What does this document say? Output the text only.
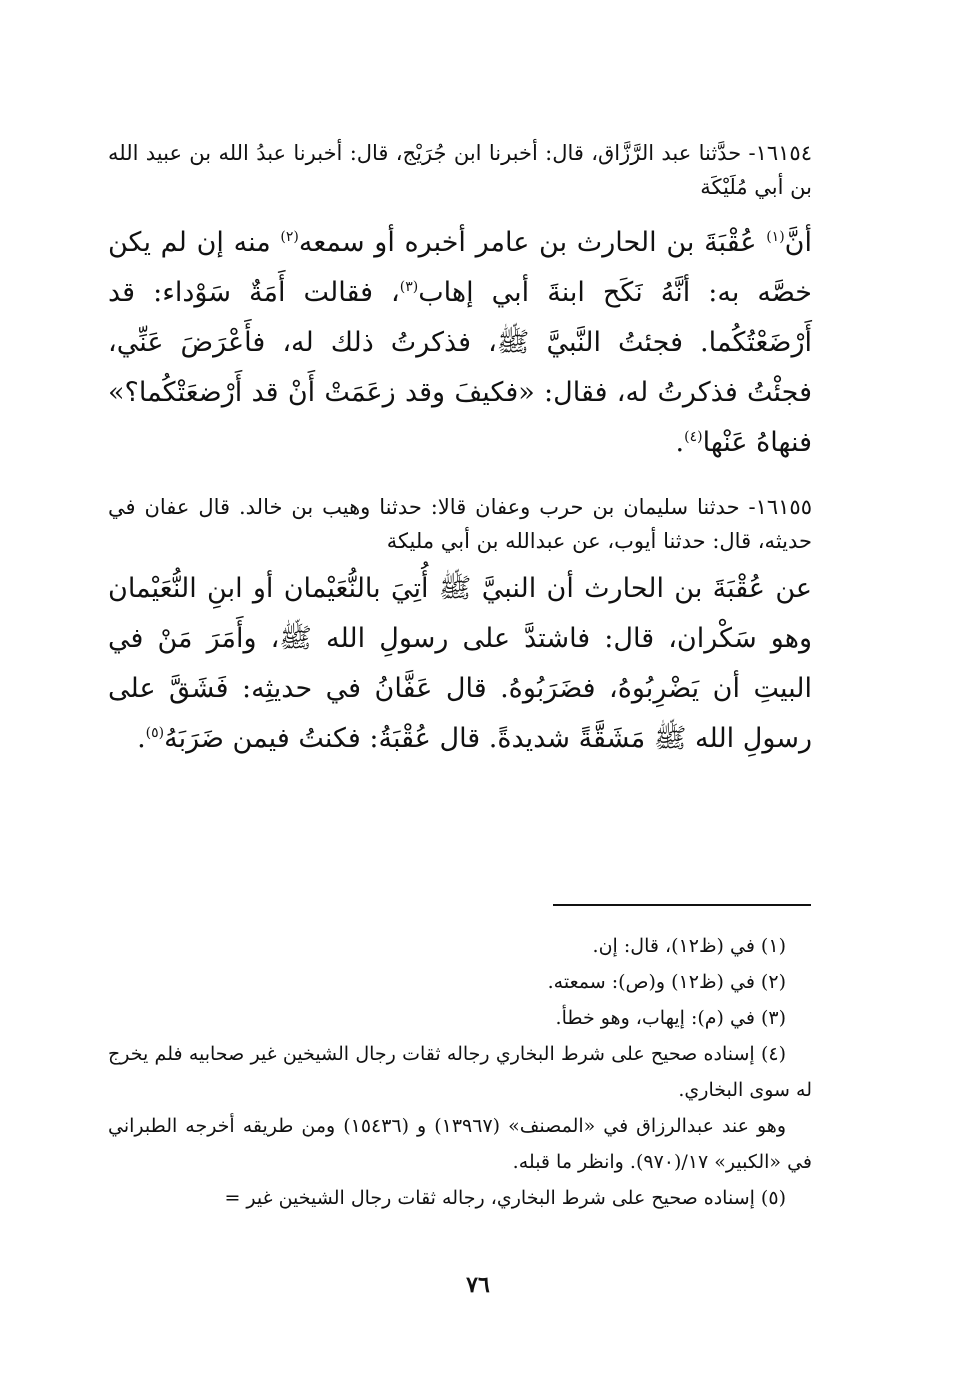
١٦١٥٤- حدَّثنا عبد الرَّزَّاق، قال: أخبرنا ابن جُرَيْج، قال: أخبرنا عبدُ الله بن عبيد الله بن أبي مُلَيْكَة

أنَّ$^{(١)}$ عُقْبَةَ بن الحارث بن عامر أخبره أو سمعه$^{(٢)}$ منه إن لم يكن خصَّه به: أنَّهُ نَكَح ابنةَ أبي إهاب$^{(٣)}$، فقالت أَمَةٌ سَوْداء: قد أَرْضَعْتُكُما. فجئتُ النَّبيَّ ﷺ، فذكرتُ ذلك له، فأَعْرَضَ عَنِّي، فجئْتُ فذكرتُ له، فقال: «فكيفَ وقد زعَمَتْ أَنْ قد أَرْضعَتْكُما؟» فنهاهُ عَنْها$^{(٤)}$.

١٦١٥٥- حدثنا سليمان بن حرب وعفان قالا: حدثنا وهيب بن خالد. قال عفان في حديثه، قال: حدثنا أيوب، عن عبدالله بن أبي مليكة

عن عُقْبَةَ بن الحارث أن النبيَّ ﷺ أُتِيَ بالنُّعَيْمان أو ابنِ النُّعَيْمان وهو سَكْران، قال: فاشتدَّ على رسولِ الله ﷺ، وأَمَرَ مَنْ في البيتِ أن يَضْرِبُوهُ، فضَرَبُوهُ. قال عَفَّانُ في حديثِه: فَشَقَّ على رسولِ الله ﷺ مَشَقَّةً شديدةً. قال عُقْبَةُ: فكنتُ فيمن ضَرَبَهُ$^{(٥)}$.

(١) في (ظ١٢)، قال: إن.

(٢) في (ظ١٢) و(ص): سمعته.

(٣) في (م): إيهاب، وهو خطأ.

(٤) إسناده صحيح على شرط البخاري رجاله ثقات رجال الشيخين غير صحابيه فلم يخرج له سوى البخاري.

وهو عند عبدالرزاق في «المصنف» (١٣٩٦٧) و (١٥٤٣٦) ومن طريقه أخرجه الطبراني في «الكبير» ١٧/(٩٧٠). وانظر ما قبله.

(٥) إسناده صحيح على شرط البخاري، رجاله ثقات رجال الشيخين غير =

٧٦
